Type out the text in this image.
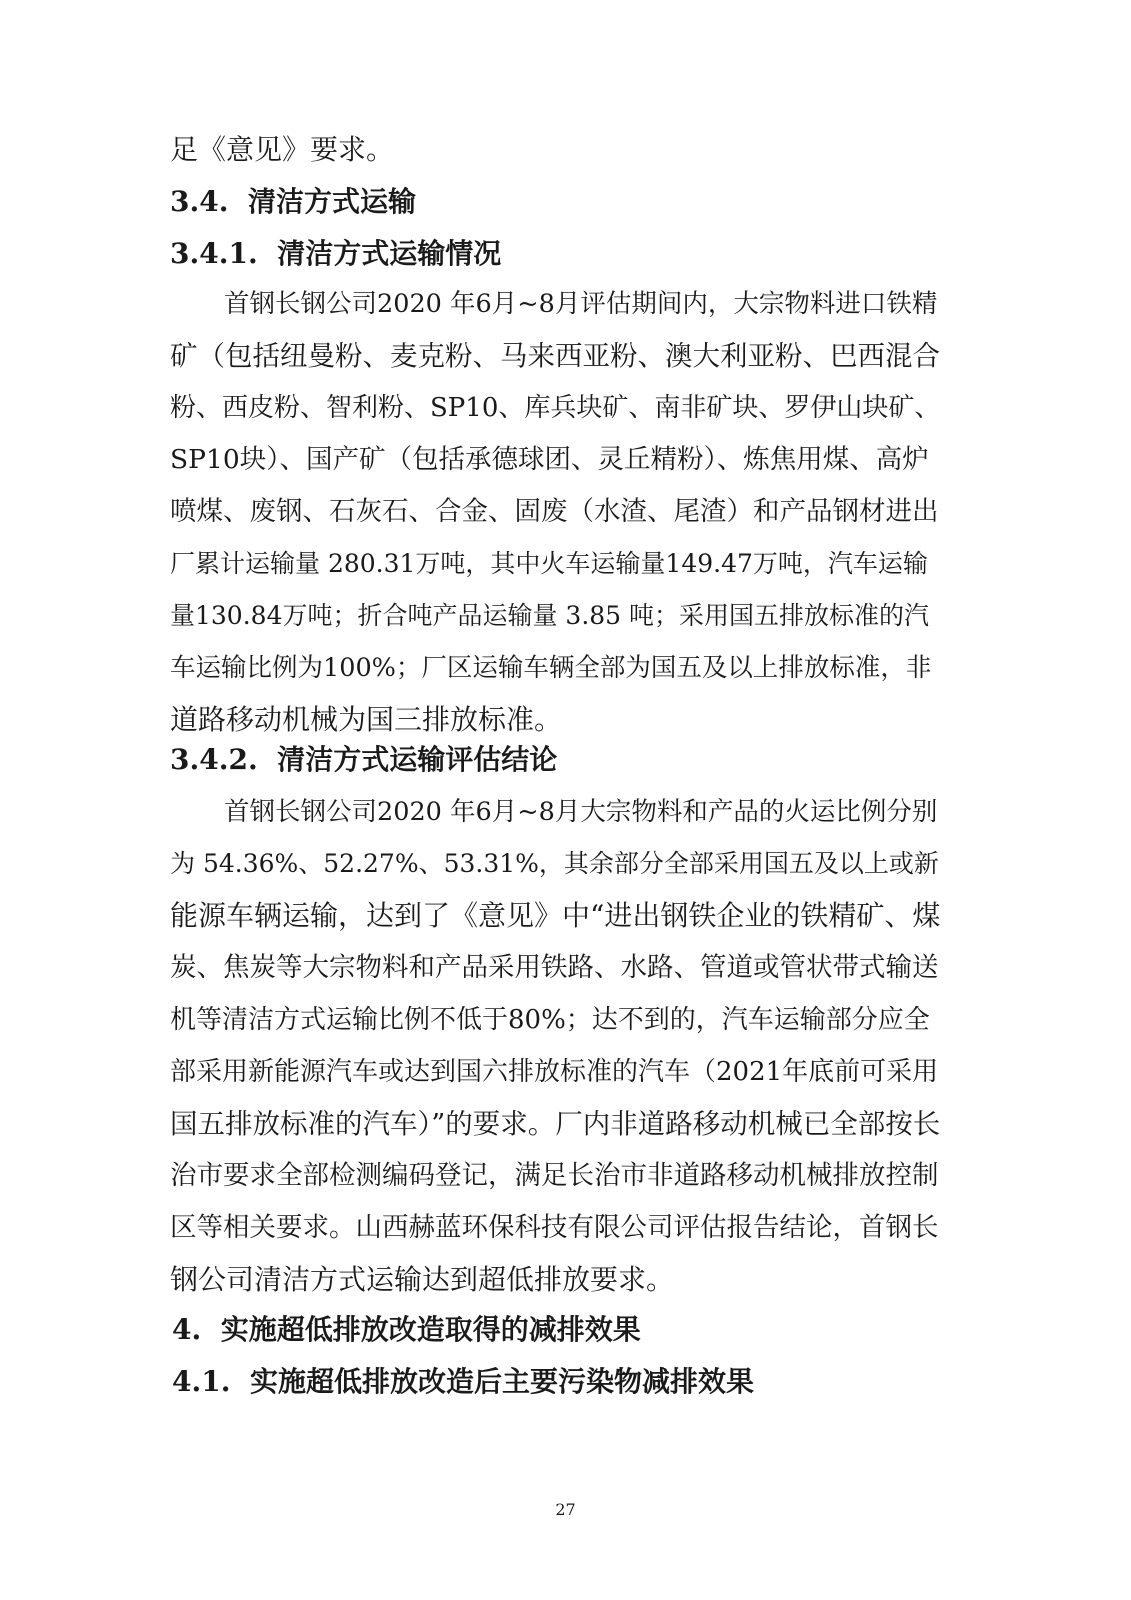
足《意见》要求。
3.4.  清洁方式运输
3.4.1.  清洁方式运输情况
首钢长钢公司2020 年6月~8月评估期间内，大宗物料进口铁精
矿（包括纽曼粉、麦克粉、马来西亚粉、澳大利亚粉、巴西混合
粉、西皮粉、智利粉、SP10、库兵块矿、南非矿块、罗伊山块矿、
SP10块）、国产矿（包括承德球团、灵丘精粉）、炼焦用煤、高炉
喷煤、废钢、石灰石、合金、固废（水渣、尾渣）和产品钢材进出
厂累计运输量 280.31万吨，其中火车运输量149.47万吨，汽车运输
量130.84万吨；折合吨产品运输量 3.85 吨；采用国五排放标准的汽
车运输比例为100%；厂区运输车辆全部为国五及以上排放标准，非
道路移动机械为国三排放标准。
3.4.2.  清洁方式运输评估结论
首钢长钢公司2020 年6月~8月大宗物料和产品的火运比例分别
为 54.36%、52.27%、53.31%，其余部分全部采用国五及以上或新
能源车辆运输，达到了《意见》中“进出钢铁企业的铁精矿、煤
炭、焦炭等大宗物料和产品采用铁路、水路、管道或管状带式输送
机等清洁方式运输比例不低于80%；达不到的，汽车运输部分应全
部采用新能源汽车或达到国六排放标准的汽车（2021年底前可采用
国五排放标准的汽车）”的要求。厂内非道路移动机械已全部按长
治市要求全部检测编码登记，满足长治市非道路移动机械排放控制
区等相关要求。山西赫蓝环保科技有限公司评估报告结论，首钢长
钢公司清洁方式运输达到超低排放要求。
4.  实施超低排放改造取得的减排效果
4.1.  实施超低排放改造后主要污染物减排效果
27
